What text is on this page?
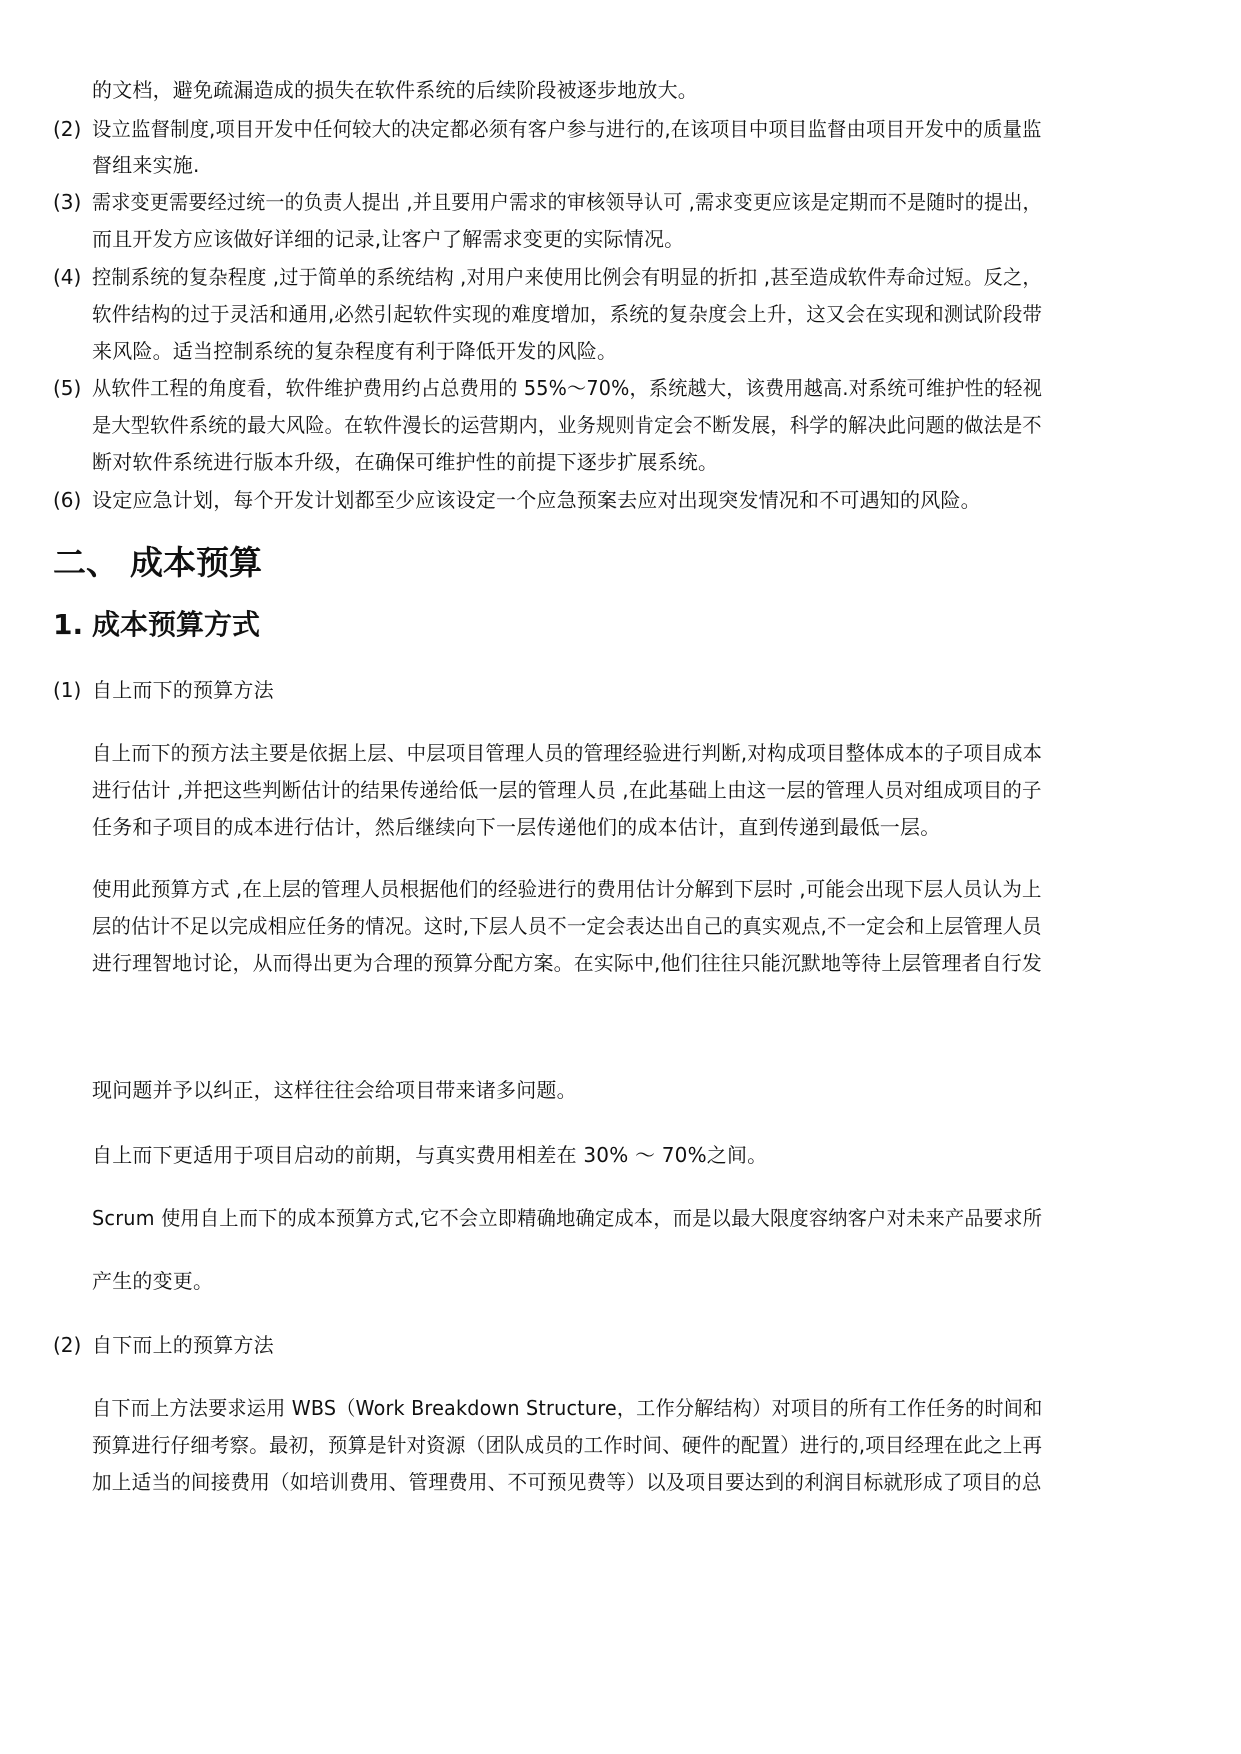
的文档，避免疏漏造成的损失在软件系统的后续阶段被逐步地放大。
(2) 设立监督制度,项目开发中任何较大的决定都必须有客户参与进行的,在该项目中项目监督由项目开发中的质量监
督组来实施.
(3) 需求变更需要经过统一的负责人提出 ,并且要用户需求的审核领导认可 ,需求变更应该是定期而不是随时的提出，
而且开发方应该做好详细的记录,让客户了解需求变更的实际情况。
(4) 控制系统的复杂程度 ,过于简单的系统结构 ,对用户来使用比例会有明显的折扣 ,甚至造成软件寿命过短。反之，
软件结构的过于灵活和通用,必然引起软件实现的难度增加，系统的复杂度会上升，这又会在实现和测试阶段带
来风险。适当控制系统的复杂程度有利于降低开发的风险。
(5) 从软件工程的角度看，软件维护费用约占总费用的 55%～70%，系统越大，该费用越高.对系统可维护性的轻视
是大型软件系统的最大风险。在软件漫长的运营期内，业务规则肯定会不断发展，科学的解决此问题的做法是不
断对软件系统进行版本升级，在确保可维护性的前提下逐步扩展系统。
(6) 设定应急计划，每个开发计划都至少应该设定一个应急预案去应对出现突发情况和不可遇知的风险。
二、 成本预算
1. 成本预算方式
(1) 自上而下的预算方法
自上而下的预方法主要是依据上层、中层项目管理人员的管理经验进行判断,对构成项目整体成本的子项目成本
进行估计 ,并把这些判断估计的结果传递给低一层的管理人员 ,在此基础上由这一层的管理人员对组成项目的子
任务和子项目的成本进行估计，然后继续向下一层传递他们的成本估计，直到传递到最低一层。
使用此预算方式 ,在上层的管理人员根据他们的经验进行的费用估计分解到下层时 ,可能会出现下层人员认为上
层的估计不足以完成相应任务的情况。这时,下层人员不一定会表达出自己的真实观点,不一定会和上层管理人员
进行理智地讨论，从而得出更为合理的预算分配方案。在实际中,他们往往只能沉默地等待上层管理者自行发
现问题并予以纠正，这样往往会给项目带来诸多问题。
自上而下更适用于项目启动的前期，与真实费用相差在 30% ～ 70%之间。
Scrum 使用自上而下的成本预算方式,它不会立即精确地确定成本，而是以最大限度容纳客户对未来产品要求所
产生的变更。
(2) 自下而上的预算方法
自下而上方法要求运用 WBS（Work Breakdown Structure，工作分解结构）对项目的所有工作任务的时间和
预算进行仔细考察。最初，预算是针对资源（团队成员的工作时间、硬件的配置）进行的,项目经理在此之上再
加上适当的间接费用（如培训费用、管理费用、不可预见费等）以及项目要达到的利润目标就形成了项目的总
